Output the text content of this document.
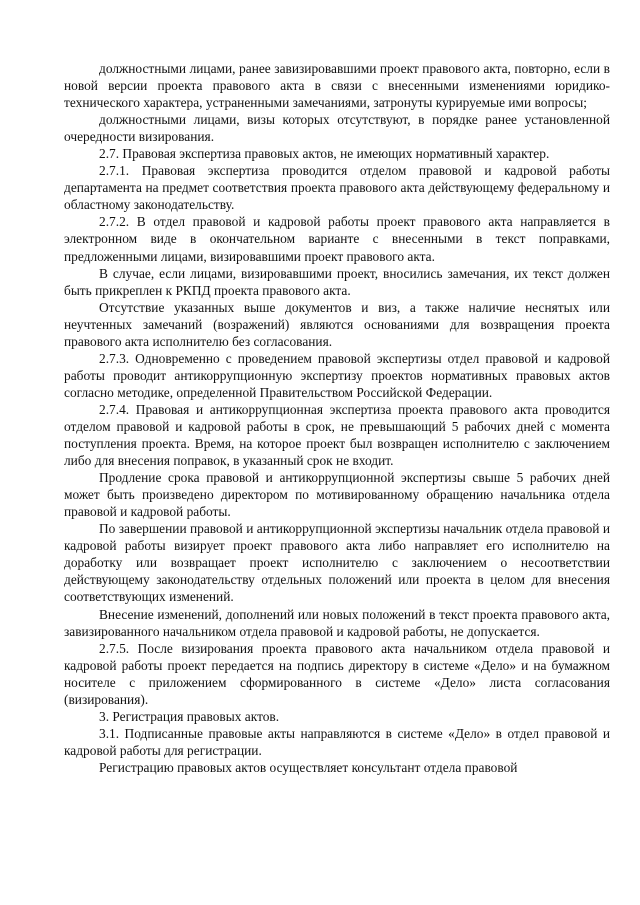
должностными лицами, ранее завизировавшими проект правового акта, повторно, если в новой версии проекта правового акта в связи с внесенными изменениями юридико-технического характера, устраненными замечаниями, затронуты курируемые ими вопросы;

должностными лицами, визы которых отсутствуют, в порядке ранее установленной очередности визирования.

2.7. Правовая экспертиза правовых актов, не имеющих нормативный характер.

2.7.1. Правовая экспертиза проводится отделом правовой и кадровой работы департамента на предмет соответствия проекта правового акта действующему федеральному и областному законодательству.

2.7.2. В отдел правовой и кадровой работы проект правового акта направляется в электронном виде в окончательном варианте с внесенными в текст поправками, предложенными лицами, визировавшими проект правового акта.

В случае, если лицами, визировавшими проект, вносились замечания, их текст должен быть прикреплен к РКПД проекта правового акта.

Отсутствие указанных выше документов и виз, а также наличие неснятых или неучтенных замечаний (возражений) являются основаниями для возвращения проекта правового акта исполнителю без согласования.

2.7.3. Одновременно с проведением правовой экспертизы отдел правовой и кадровой работы проводит антикоррупционную экспертизу проектов нормативных правовых актов согласно методике, определенной Правительством Российской Федерации.

2.7.4. Правовая и антикоррупционная экспертиза проекта правового акта проводится отделом правовой и кадровой работы в срок, не превышающий 5 рабочих дней с момента поступления проекта. Время, на которое проект был возвращен исполнителю с заключением либо для внесения поправок, в указанный срок не входит.

Продление срока правовой и антикоррупционной экспертизы свыше 5 рабочих дней может быть произведено директором по мотивированному обращению начальника отдела правовой и кадровой работы.

По завершении правовой и антикоррупционной экспертизы начальник отдела правовой и кадровой работы визирует проект правового акта либо направляет его исполнителю на доработку или возвращает проект исполнителю с заключением о несоответствии действующему законодательству отдельных положений или проекта в целом для внесения соответствующих изменений.

Внесение изменений, дополнений или новых положений в текст проекта правового акта, завизированного начальником отдела правовой и кадровой работы, не допускается.

2.7.5. После визирования проекта правового акта начальником отдела правовой и кадровой работы проект передается на подпись директору в системе «Дело» и на бумажном носителе с приложением сформированного в системе «Дело» листа согласования (визирования).

3. Регистрация правовых актов.

3.1. Подписанные правовые акты направляются в системе «Дело» в отдел правовой и кадровой работы для регистрации.

Регистрацию правовых актов осуществляет консультант отдела правовой
